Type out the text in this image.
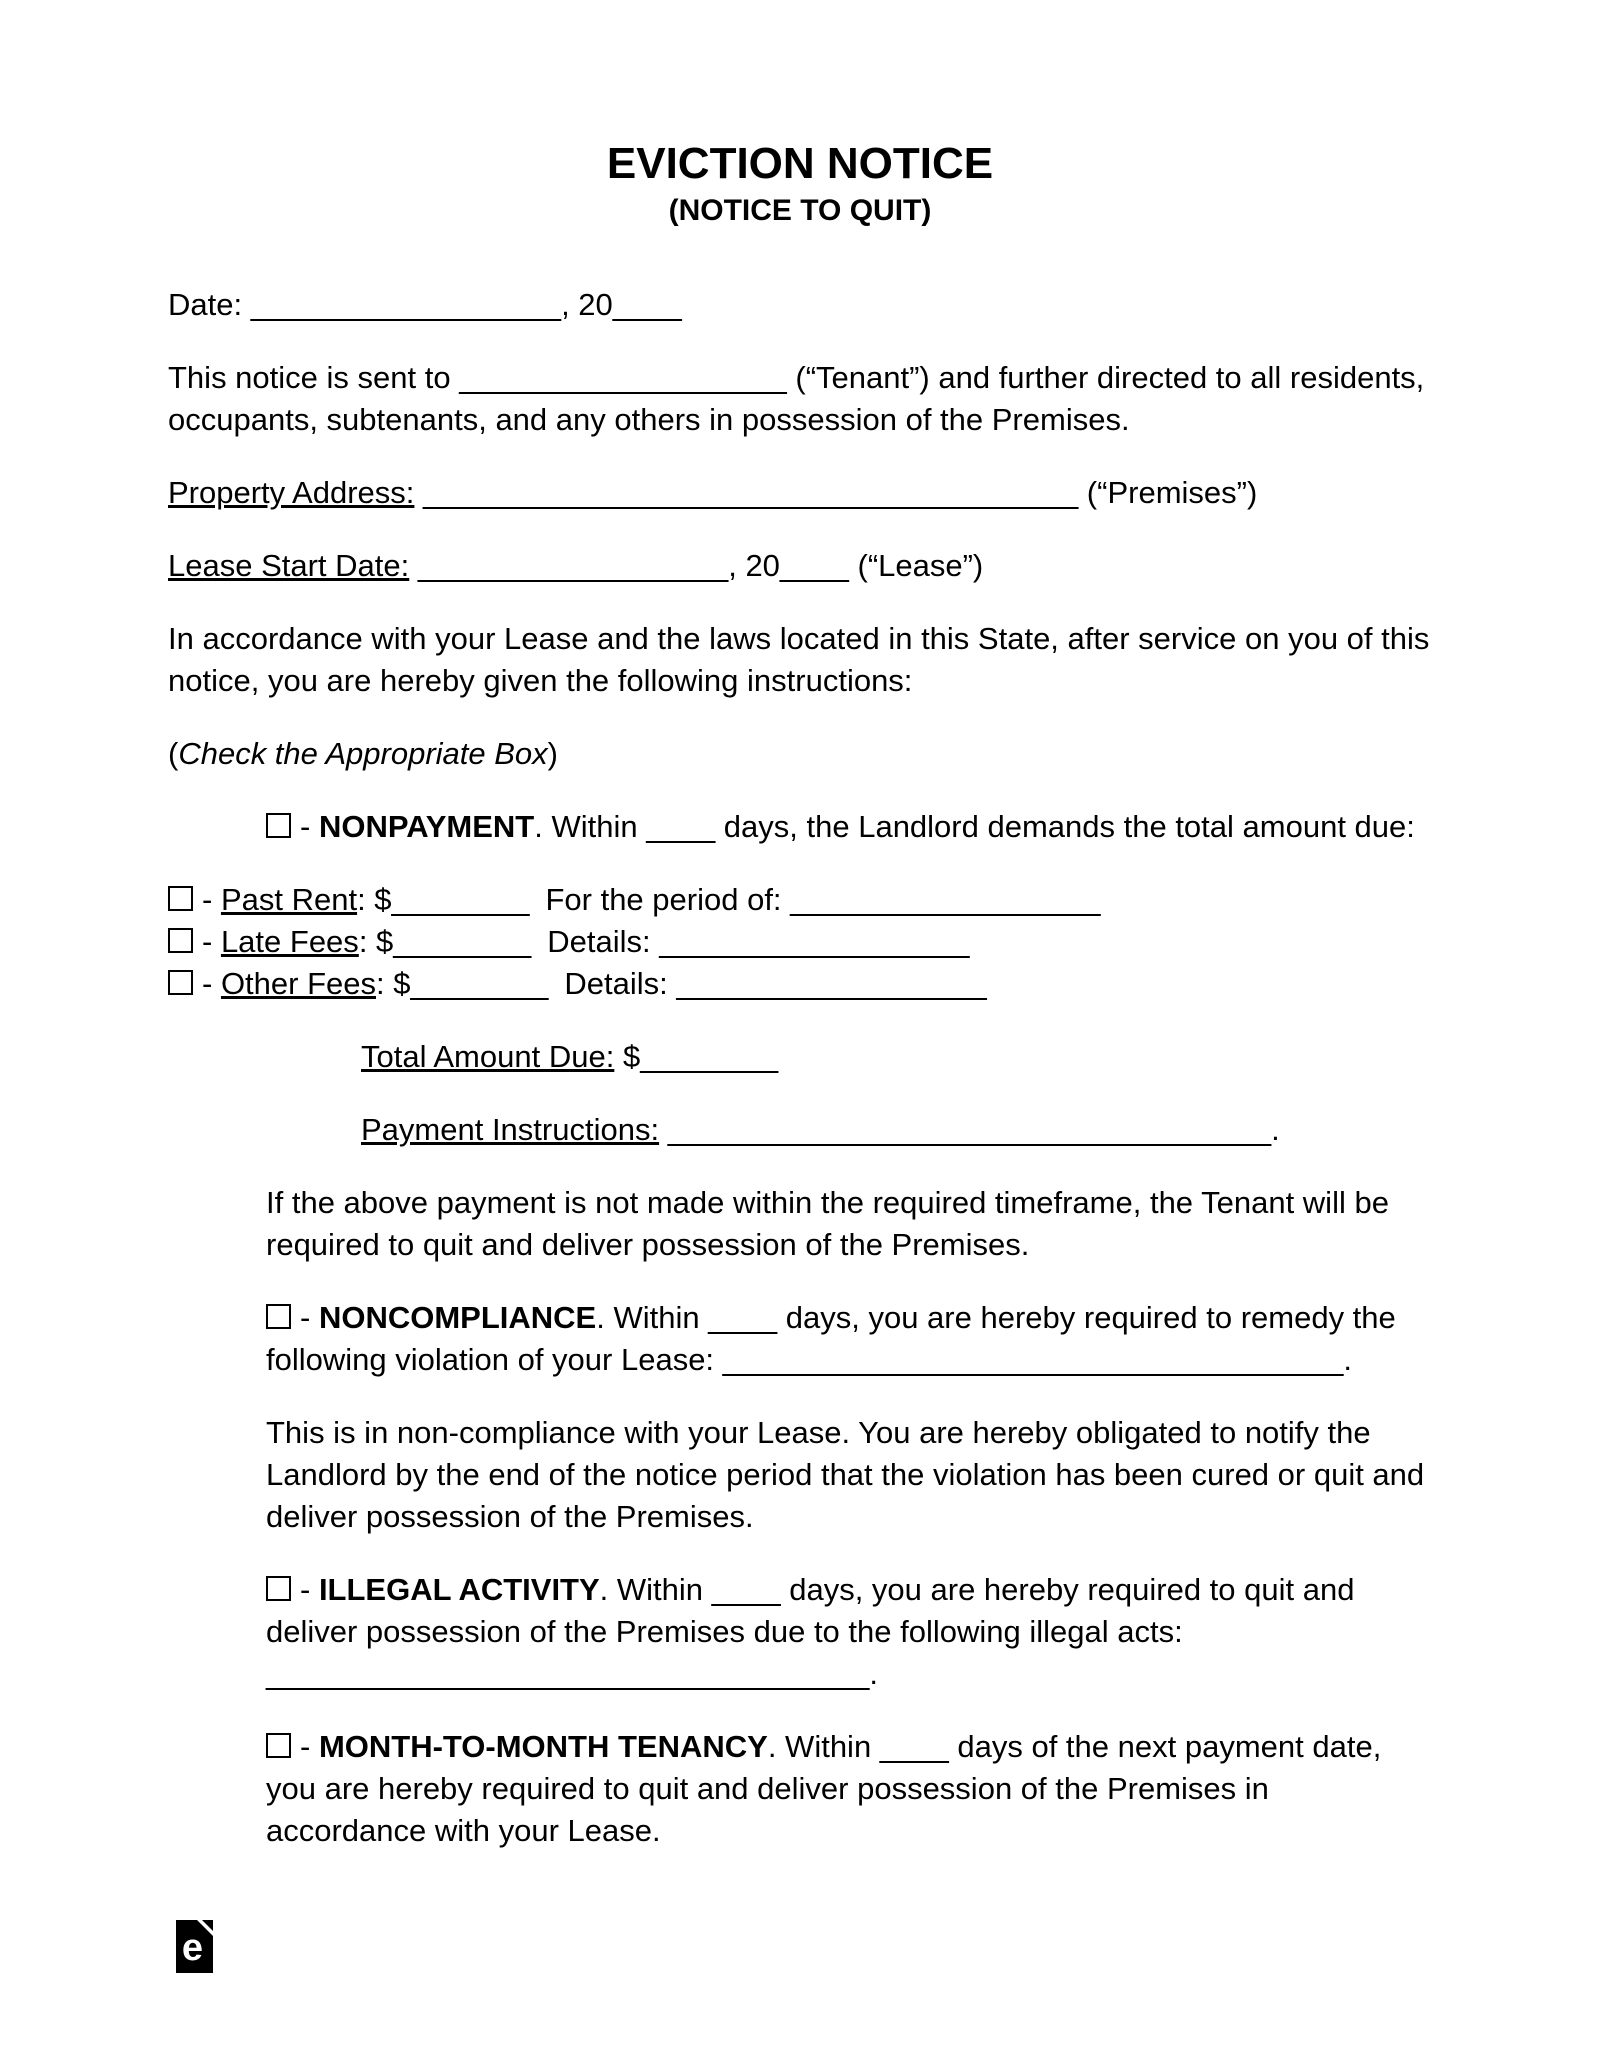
EVICTION NOTICE
(NOTICE TO QUIT)

Date: __________________, 20____

This notice is sent to ___________________ (“Tenant”) and further directed to all residents, occupants, subtenants, and any others in possession of the Premises.

Property Address: ______________________________________ (“Premises”)

Lease Start Date: __________________, 20____ (“Lease”)

In accordance with your Lease and the laws located in this State, after service on you of this notice, you are hereby given the following instructions:

(Check the Appropriate Box)

- NONPAYMENT. Within ____ days, the Landlord demands the total amount due:

- Past Rent: $________ For the period of: __________________

- Late Fees: $________ Details: __________________

- Other Fees: $________ Details: __________________

Total Amount Due: $________

Payment Instructions: ___________________________________.

If the above payment is not made within the required timeframe, the Tenant will be required to quit and deliver possession of the Premises.

- NONCOMPLIANCE. Within ____ days, you are hereby required to remedy the following violation of your Lease: ____________________________________.

This is in non-compliance with your Lease. You are hereby obligated to notify the Landlord by the end of the notice period that the violation has been cured or quit and deliver possession of the Premises.

- ILLEGAL ACTIVITY. Within ____ days, you are hereby required to quit and deliver possession of the Premises due to the following illegal acts: ___________________________________.

- MONTH-TO-MONTH TENANCY. Within ____ days of the next payment date, you are hereby required to quit and deliver possession of the Premises in accordance with your Lease.

e
